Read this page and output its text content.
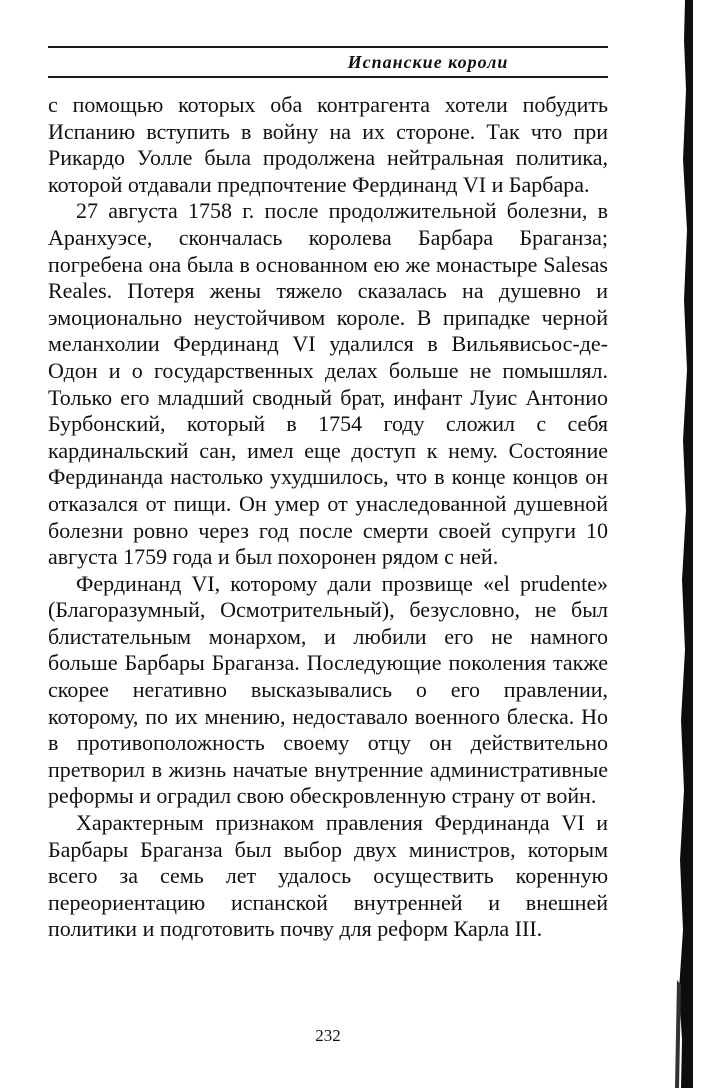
Испанские короли

с помощью которых оба контрагента хотели побудить Испанию вступить в войну на их стороне. Так что при Рикардо Уолле была продолжена нейтральная политика, которой отдавали предпочтение Фердинанд VI и Барбара.

27 августа 1758 г. после продолжительной болезни, в Аранхуэсе, скончалась королева Барбара Браганза; погребена она была в основанном ею же монастыре Salesas Reales. Потеря жены тяжело сказалась на душевно и эмоционально неустойчивом короле. В припадке черной меланхолии Фердинанд VI удалился в Вильявисьос-де-Одон и о государственных делах больше не помышлял. Только его младший сводный брат, инфант Луис Антонио Бурбонский, который в 1754 году сложил с себя кардинальский сан, имел еще доступ к нему. Состояние Фердинанда настолько ухудшилось, что в конце концов он отказался от пищи. Он умер от унаследованной душевной болезни ровно через год после смерти своей супруги 10 августа 1759 года и был похоронен рядом с ней.

Фердинанд VI, которому дали прозвище «el prudente» (Благоразумный, Осмотрительный), безусловно, не был блистательным монархом, и любили его не намного больше Барбары Браганза. Последующие поколения также скорее негативно высказывались о его правлении, которому, по их мнению, недоставало военного блеска. Но в противоположность своему отцу он действительно претворил в жизнь начатые внутренние административные реформы и оградил свою обескровленную страну от войн.

Характерным признаком правления Фердинанда VI и Барбары Браганза был выбор двух министров, которым всего за семь лет удалось осуществить коренную переориентацию испанской внутренней и внешней политики и подготовить почву для реформ Карла III.

232
